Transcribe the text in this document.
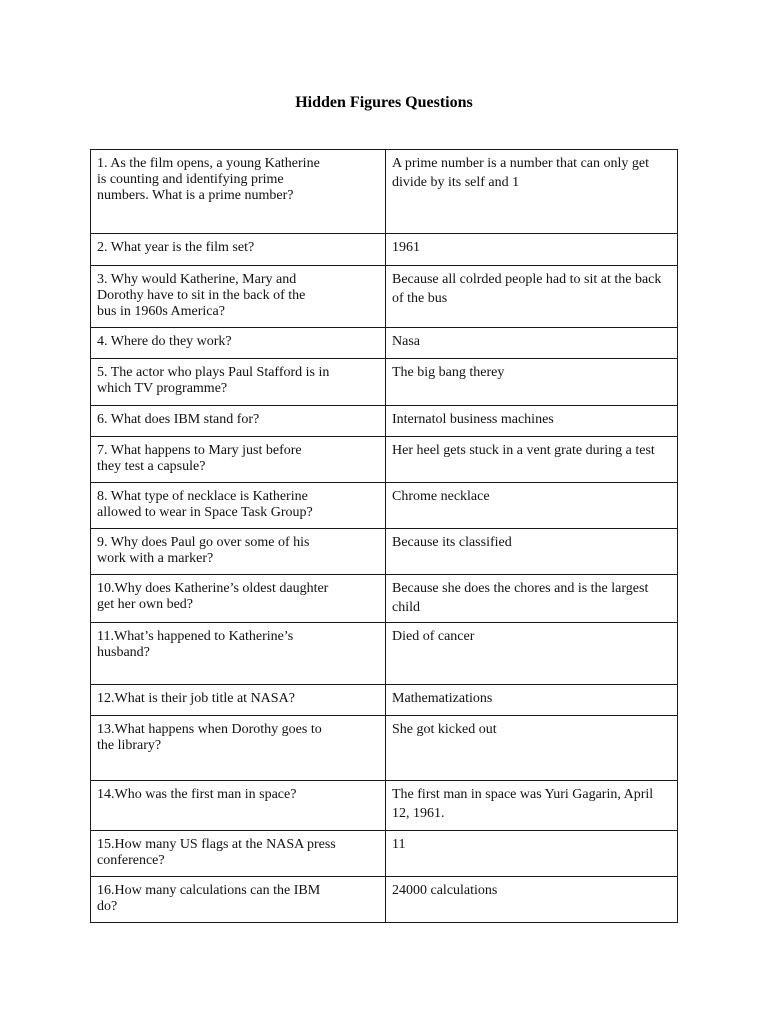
Hidden Figures Questions
1. As the film opens, a young Katherine
is counting and identifying prime
numbers. What is a prime number?	A prime number is a number that can only get divide by its self and 1
2. What year is the film set?	1961
3. Why would Katherine, Mary and
Dorothy have to sit in the back of the
bus in 1960s America?	Because all colrded people had to sit at the back of the bus
4. Where do they work?	Nasa
5. The actor who plays Paul Stafford is in
which TV programme?	The big bang therey
6. What does IBM stand for?	Internatol business machines
7. What happens to Mary just before
they test a capsule?	Her heel gets stuck in a vent grate during a test
8. What type of necklace is Katherine
allowed to wear in Space Task Group?	Chrome necklace
9. Why does Paul go over some of his
work with a marker?	Because its classified
10.Why does Katherine’s oldest daughter
get her own bed?	Because she does the chores and is the largest child
11.What’s happened to Katherine’s
husband?	Died of cancer
12.What is their job title at NASA?	Mathematizations
13.What happens when Dorothy goes to
the library?	She got kicked out
14.Who was the first man in space?	The first man in space was Yuri Gagarin, April 12, 1961.
15.How many US flags at the NASA press
conference?	11
16.How many calculations can the IBM
do?	24000 calculations
